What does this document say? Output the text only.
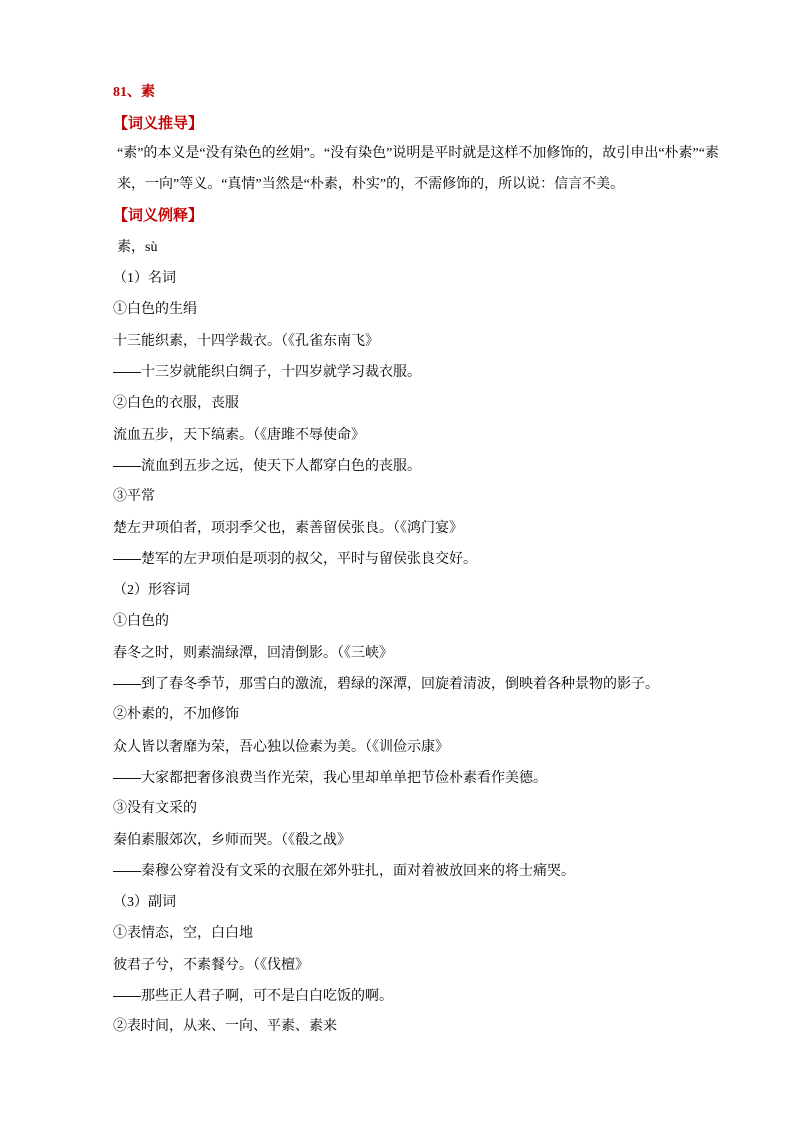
81、素
【词义推导】
“素”的本义是“没有染色的丝娟”。“没有染色”说明是平时就是这样不加修饰的，故引申出“朴素”“素来，一向”等义。“真情”当然是“朴素，朴实”的，不需修饰的，所以说：信言不美。
【词义例释】
素，sù
（1）名词
①白色的生绢
十三能织素，十四学裁衣。（《孔雀东南飞》
——十三岁就能织白绸子，十四岁就学习裁衣服。
②白色的衣服，丧服
流血五步，天下缟素。（《唐雎不辱使命》
——流血到五步之远，使天下人都穿白色的丧服。
③平常
楚左尹项伯者，项羽季父也，素善留侯张良。（《鸿门宴》
——楚军的左尹项伯是项羽的叔父，平时与留侯张良交好。
（2）形容词
①白色的
春冬之时，则素湍绿潭，回清倒影。（《三峡》
——到了春冬季节，那雪白的激流，碧绿的深潭，回旋着清波，倒映着各种景物的影子。
②朴素的，不加修饰
众人皆以奢靡为荣，吾心独以俭素为美。（《训俭示康》
——大家都把奢侈浪费当作光荣，我心里却单单把节俭朴素看作美德。
③没有文采的
秦伯素服郊次，乡师而哭。（《殽之战》
——秦穆公穿着没有文采的衣服在郊外驻扎，面对着被放回来的将士痛哭。
（3）副词
①表情态，空，白白地
彼君子兮，不素餐兮。（《伐檀》
——那些正人君子啊，可不是白白吃饭的啊。
②表时间，从来、一向、平素、素来
